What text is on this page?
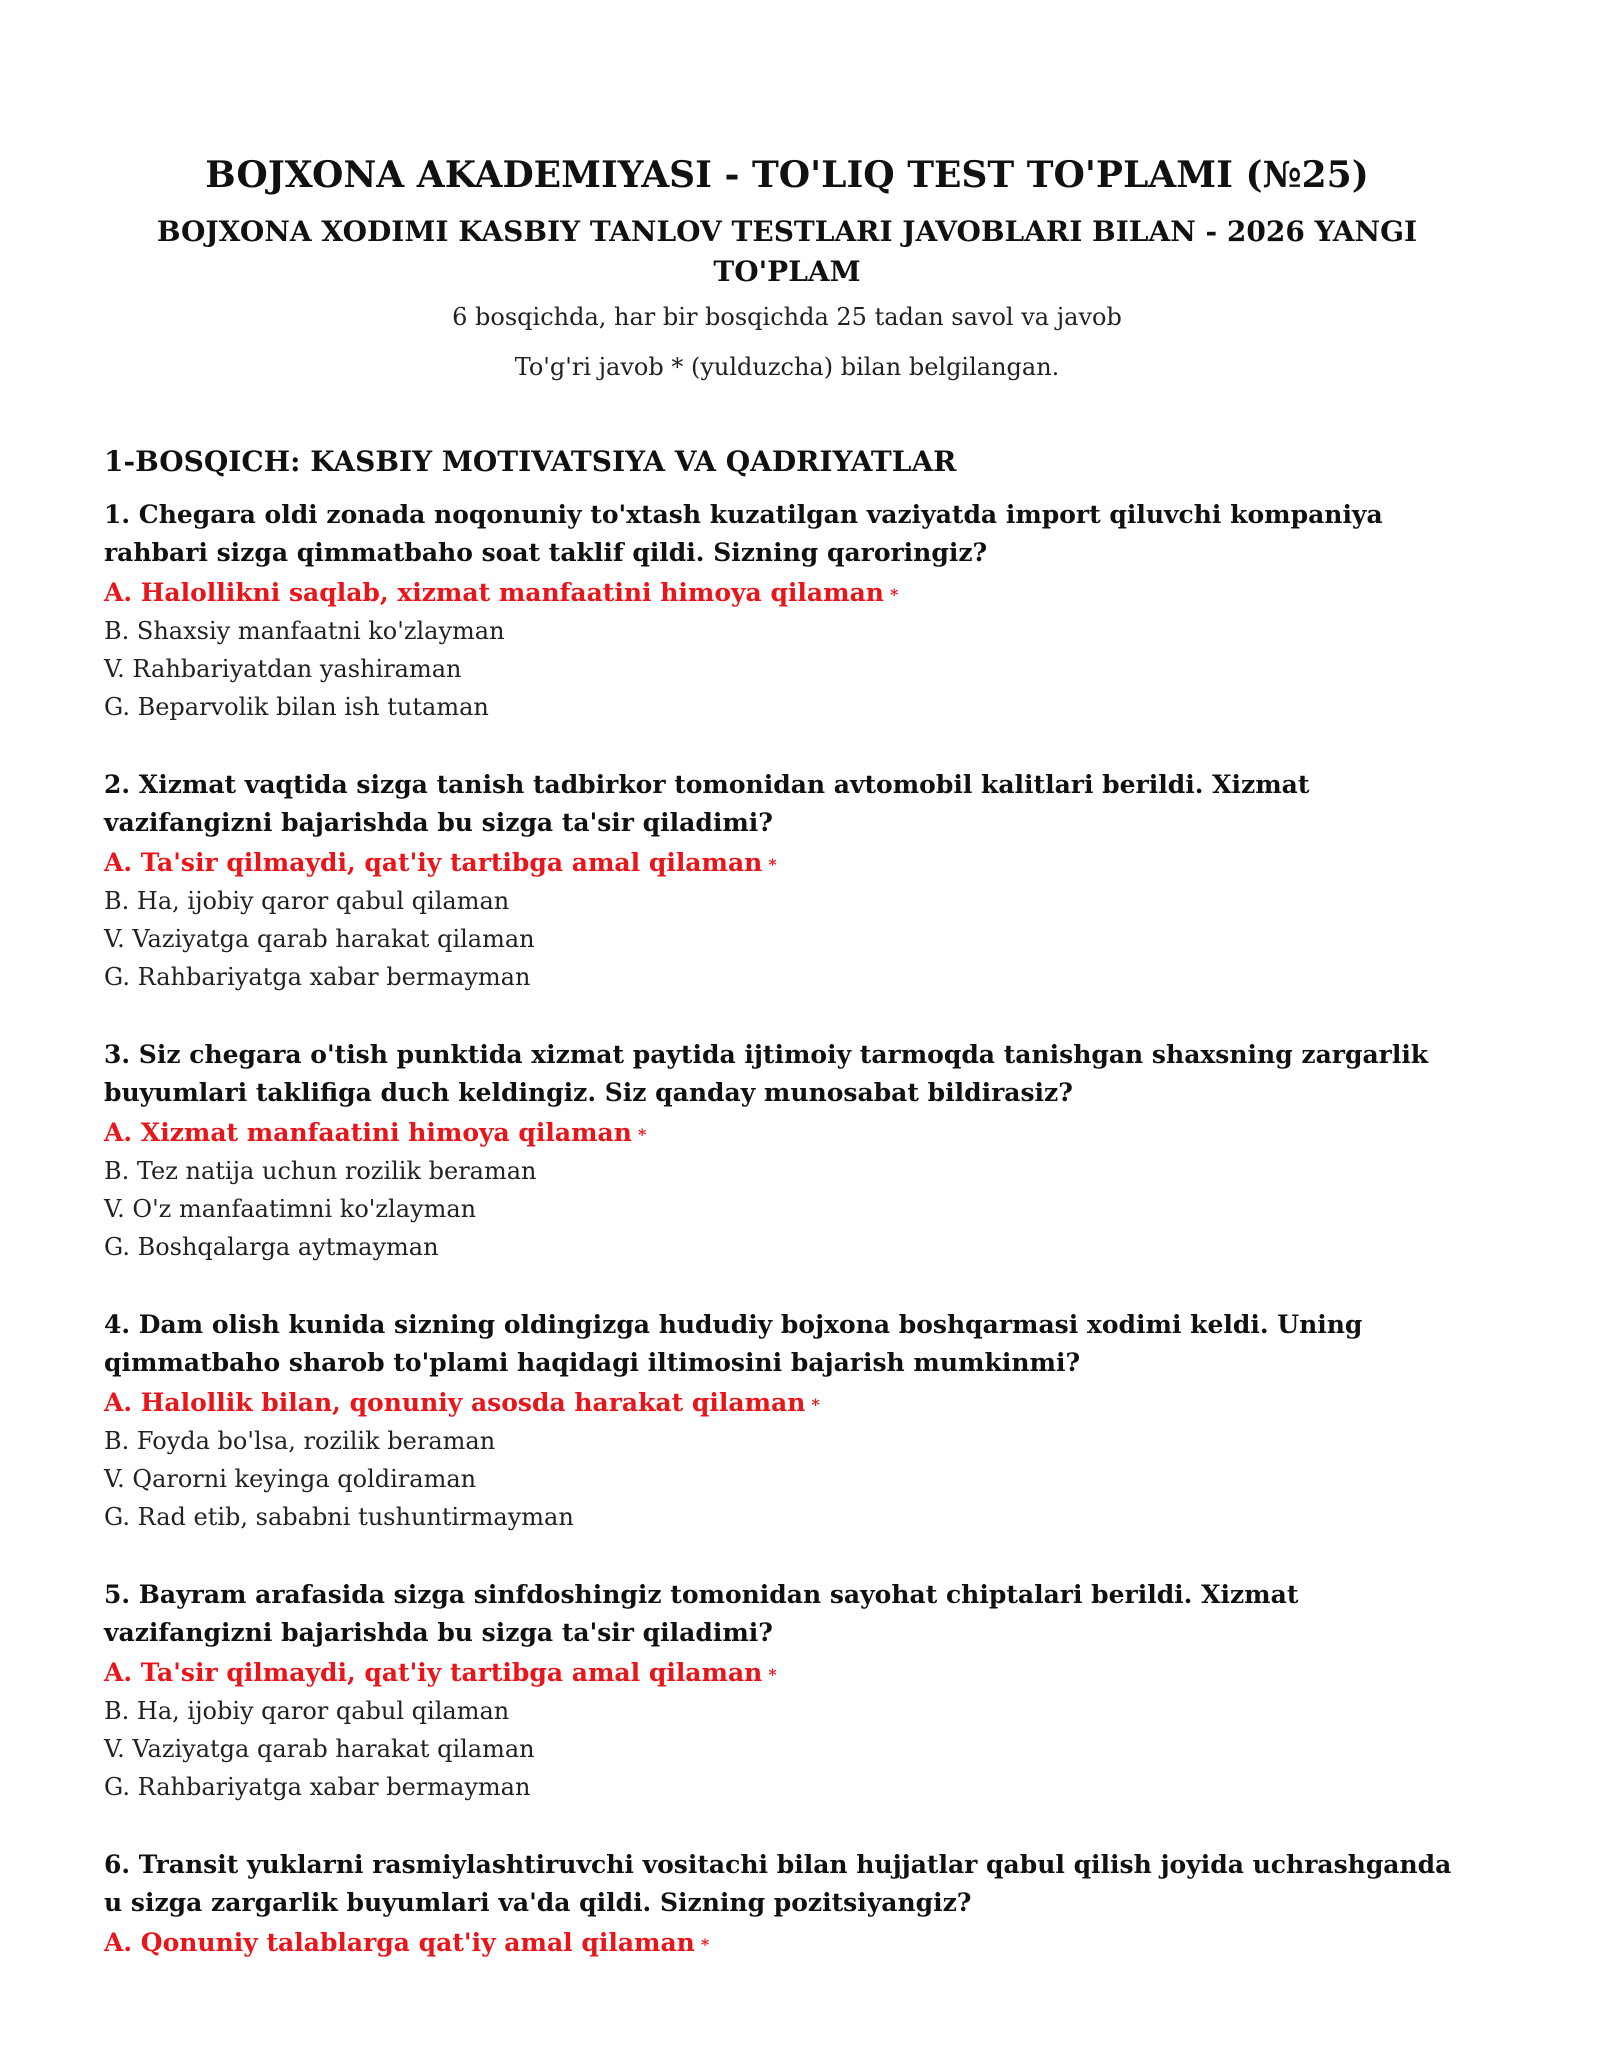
BOJXONA AKADEMIYASI - TO'LIQ TEST TO'PLAMI (№25)
BOJXONA XODIMI KASBIY TANLOV TESTLARI JAVOBLARI BILAN - 2026 YANGI TO'PLAM
6 bosqichda, har bir bosqichda 25 tadan savol va javob
To'g'ri javob * (yulduzcha) bilan belgilangan.
1-BOSQICH: KASBIY MOTIVATSIYA VA QADRIYATLAR
1. Chegara oldi zonada noqonuniy to'xtash kuzatilgan vaziyatda import qiluvchi kompaniya rahbari sizga qimmatbaho soat taklif qildi. Sizning qaroringiz?
A. Halollikni saqlab, xizmat manfaatini himoya qilaman *
B. Shaxsiy manfaatni ko'zlayman
V. Rahbariyatdan yashiraman
G. Beparvolik bilan ish tutaman
2. Xizmat vaqtida sizga tanish tadbirkor tomonidan avtomobil kalitlari berildi. Xizmat vazifangizni bajarishda bu sizga ta'sir qiladimi?
A. Ta'sir qilmaydi, qat'iy tartibga amal qilaman *
B. Ha, ijobiy qaror qabul qilaman
V. Vaziyatga qarab harakat qilaman
G. Rahbariyatga xabar bermayman
3. Siz chegara o'tish punktida xizmat paytida ijtimoiy tarmoqda tanishgan shaxsning zargarlik buyumlari taklifiga duch keldingiz. Siz qanday munosabat bildirasiz?
A. Xizmat manfaatini himoya qilaman *
B. Tez natija uchun rozilik beraman
V. O'z manfaatimni ko'zlayman
G. Boshqalarga aytmayman
4. Dam olish kunida sizning oldingizga hududiy bojxona boshqarmasi xodimi keldi. Uning qimmatbaho sharob to'plami haqidagi iltimosini bajarish mumkinmi?
A. Halollik bilan, qonuniy asosda harakat qilaman *
B. Foyda bo'lsa, rozilik beraman
V. Qarorni keyinga qoldiraman
G. Rad etib, sababni tushuntirmayman
5. Bayram arafasida sizga sinfdoshingiz tomonidan sayohat chiptalari berildi. Xizmat vazifangizni bajarishda bu sizga ta'sir qiladimi?
A. Ta'sir qilmaydi, qat'iy tartibga amal qilaman *
B. Ha, ijobiy qaror qabul qilaman
V. Vaziyatga qarab harakat qilaman
G. Rahbariyatga xabar bermayman
6. Transit yuklarni rasmiylashtiruvchi vositachi bilan hujjatlar qabul qilish joyida uchrashganda u sizga zargarlik buyumlari va'da qildi. Sizning pozitsiyangiz?
A. Qonuniy talablarga qat'iy amal qilaman *
